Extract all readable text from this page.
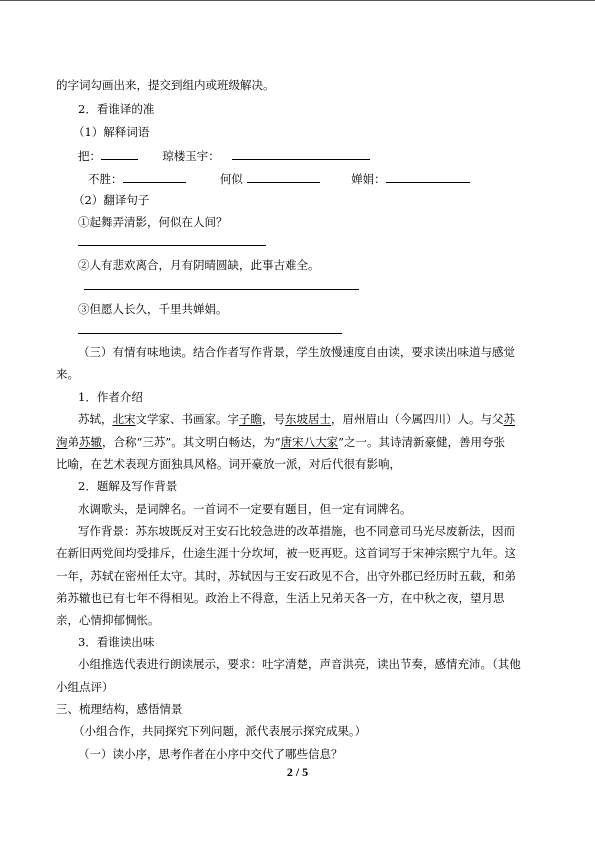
的字词勾画出来，提交到组内或班级解决。
2．看谁译的准
（1）解释词语
把：	琼楼玉宇：
不胜：	何似	婵娟：
（2）翻译句子
①起舞弄清影，何似在人间？
②人有悲欢离合，月有阴晴圆缺，此事古难全。
③但愿人长久，千里共婵娟。
（三）有情有味地读。结合作者写作背景，学生放慢速度自由读，要求读出味道与感觉
来。
1．作者介绍
苏轼，北宋文学家、书画家。字子瞻，号东坡居士，眉州眉山（今属四川）人。与父苏
洵弟苏辙，合称“三苏”。其文明白畅达，为“唐宋八大家”之一。其诗清新豪健，善用夸张
比喻，在艺术表现方面独具风格。词开豪放一派，对后代很有影响，
2．题解及写作背景
水调歌头，是词牌名。一首词不一定要有题目，但一定有词牌名。
写作背景：苏东坡既反对王安石比较急进的改革措施，也不同意司马光尽废新法，因而
在新旧两党间均受排斥，仕途生涯十分坎坷，被一贬再贬。这首词写于宋神宗熙宁九年。这
一年，苏轼在密州任太守。其时，苏轼因与王安石政见不合，出守外郡已经历时五载，和弟
弟苏辙也已有七年不得相见。政治上不得意，生活上兄弟天各一方，在中秋之夜，望月思
亲，心情抑郁惆怅。
3．看谁读出味
小组推选代表进行朗读展示，要求：吐字清楚，声音洪亮，读出节奏，感情充沛。（其他
小组点评）
三、梳理结构，感悟情景
（小组合作，共同探究下列问题，派代表展示探究成果。）
（一）读小序，思考作者在小序中交代了哪些信息？
2 / 5
